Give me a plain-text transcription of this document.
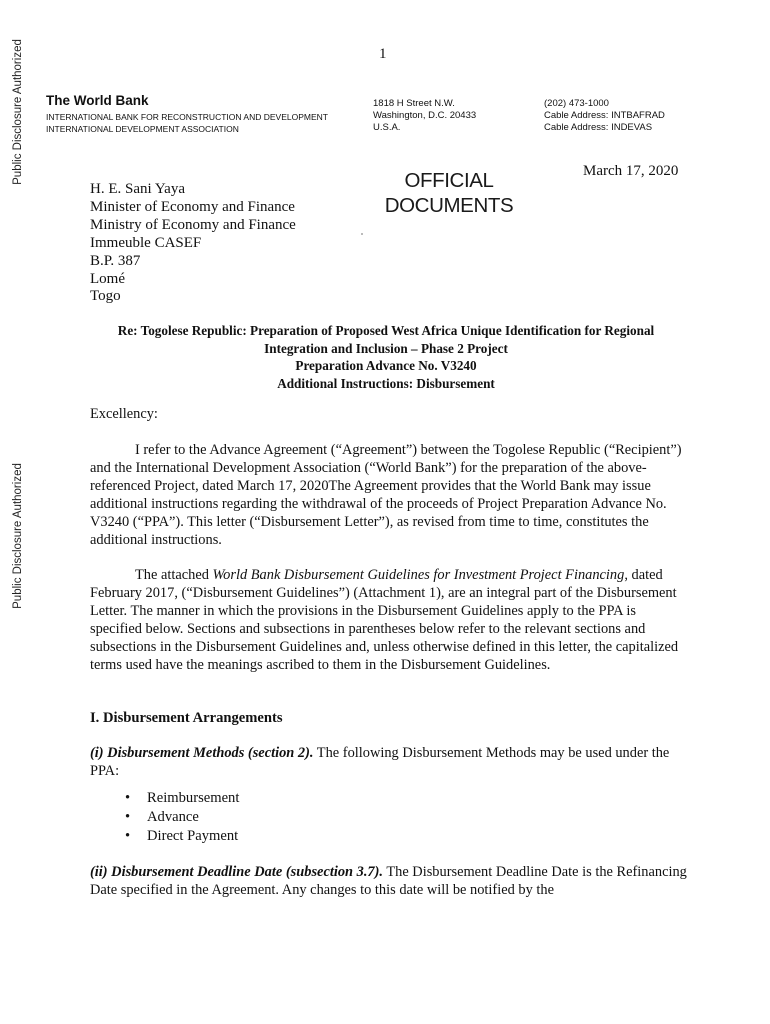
Public Disclosure Authorized
Public Disclosure Authorized
1
The World Bank
INTERNATIONAL BANK FOR RECONSTRUCTION AND DEVELOPMENT
INTERNATIONAL DEVELOPMENT ASSOCIATION
1818 H Street N.W.
Washington, D.C. 20433
U.S.A.
(202) 473-1000
Cable Address: INTBAFRAD
Cable Address: INDEVAS
OFFICIAL
DOCUMENTS
March 17, 2020
H. E. Sani Yaya
Minister of Economy and Finance
Ministry of Economy and Finance
Immeuble CASEF
B.P. 387
Lomé
Togo
Re: Togolese Republic: Preparation of Proposed West Africa Unique Identification for Regional
Integration and Inclusion – Phase 2 Project
Preparation Advance No. V3240
Additional Instructions: Disbursement
Excellency:
I refer to the Advance Agreement (“Agreement”) between the Togolese Republic (“Recipient”) and the International Development Association (“World Bank”) for the preparation of the above-referenced Project, dated March 17, 2020The Agreement provides that the World Bank may issue additional instructions regarding the withdrawal of the proceeds of Project Preparation Advance No. V3240 (“PPA”). This letter (“Disbursement Letter”), as revised from time to time, constitutes the additional instructions.
The attached World Bank Disbursement Guidelines for Investment Project Financing, dated February 2017, (“Disbursement Guidelines”) (Attachment 1), are an integral part of the Disbursement Letter. The manner in which the provisions in the Disbursement Guidelines apply to the PPA is specified below. Sections and subsections in parentheses below refer to the relevant sections and subsections in the Disbursement Guidelines and, unless otherwise defined in this letter, the capitalized terms used have the meanings ascribed to them in the Disbursement Guidelines.
I. Disbursement Arrangements
(i) Disbursement Methods (section 2). The following Disbursement Methods may be used under the PPA:
• Reimbursement
• Advance
• Direct Payment
(ii) Disbursement Deadline Date (subsection 3.7). The Disbursement Deadline Date is the Refinancing Date specified in the Agreement. Any changes to this date will be notified by the
